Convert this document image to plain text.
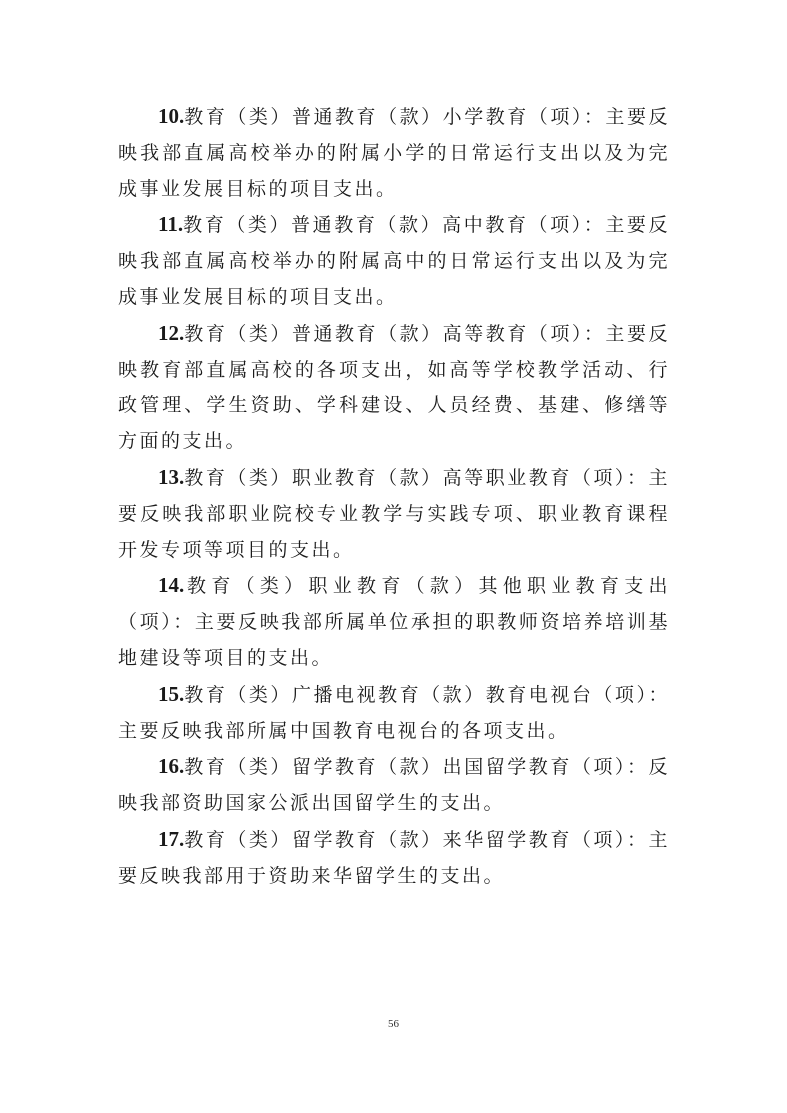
10.教育（类）普通教育（款）小学教育（项）：主要反映我部直属高校举办的附属小学的日常运行支出以及为完成事业发展目标的项目支出。

11.教育（类）普通教育（款）高中教育（项）：主要反映我部直属高校举办的附属高中的日常运行支出以及为完成事业发展目标的项目支出。

12.教育（类）普通教育（款）高等教育（项）：主要反映教育部直属高校的各项支出，如高等学校教学活动、行政管理、学生资助、学科建设、人员经费、基建、修缮等方面的支出。

13.教育（类）职业教育（款）高等职业教育（项）：主要反映我部职业院校专业教学与实践专项、职业教育课程开发专项等项目的支出。

14.教育（类）职业教育（款）其他职业教育支出（项）：主要反映我部所属单位承担的职教师资培养培训基地建设等项目的支出。

15.教育（类）广播电视教育（款）教育电视台（项）：主要反映我部所属中国教育电视台的各项支出。

16.教育（类）留学教育（款）出国留学教育（项）：反映我部资助国家公派出国留学生的支出。

17.教育（类）留学教育（款）来华留学教育（项）：主要反映我部用于资助来华留学生的支出。

56
